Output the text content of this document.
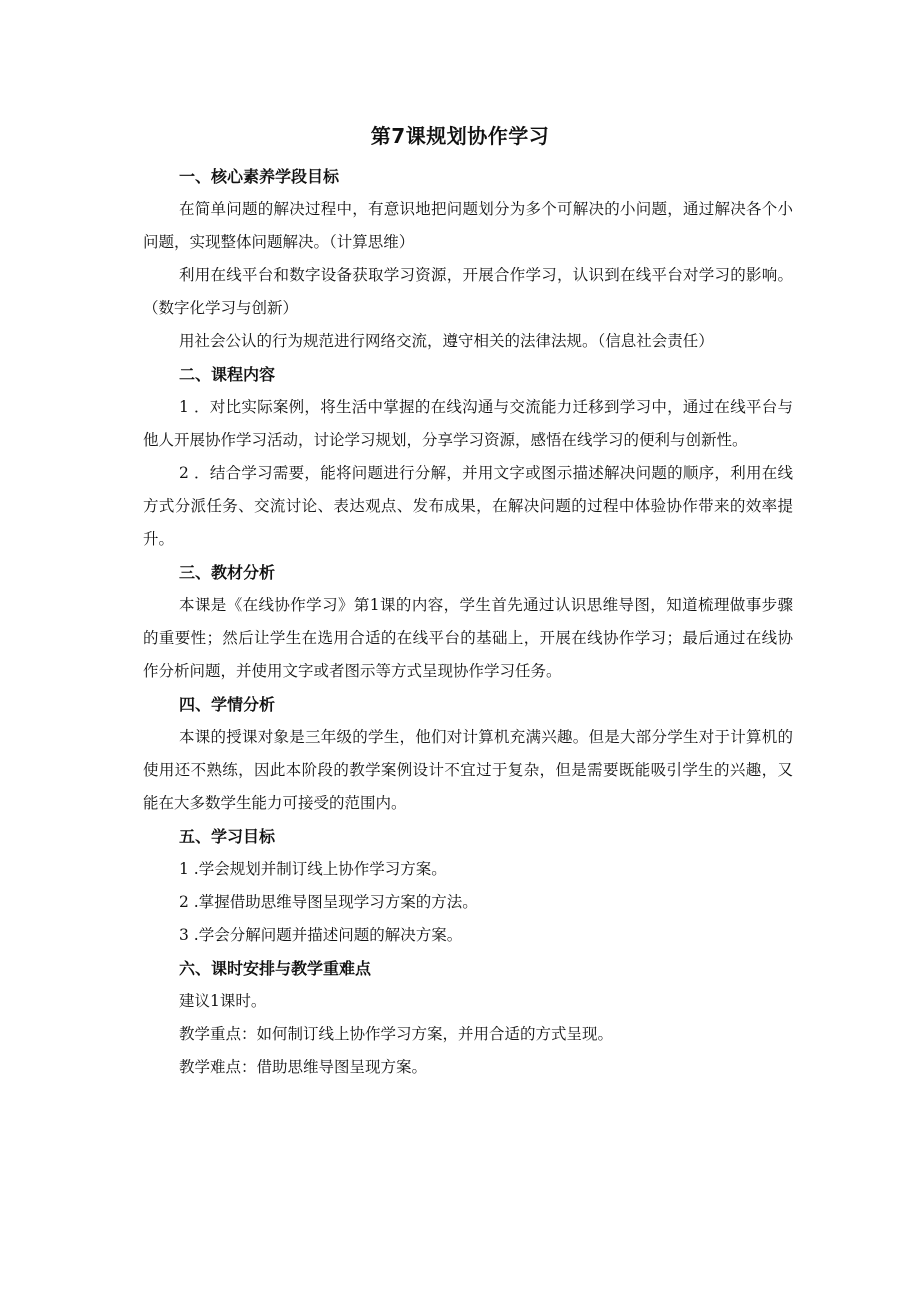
第7课规划协作学习
一、核心素养学段目标

在简单问题的解决过程中，有意识地把问题划分为多个可解决的小问题，通过解决各个小问题，实现整体问题解决。（计算思维）

利用在线平台和数字设备获取学习资源，开展合作学习，认识到在线平台对学习的影响。（数字化学习与创新）

用社会公认的行为规范进行网络交流，遵守相关的法律法规。（信息社会责任）

二、课程内容

1 ．对比实际案例，将生活中掌握的在线沟通与交流能力迁移到学习中，通过在线平台与他人开展协作学习活动，讨论学习规划，分享学习资源，感悟在线学习的便利与创新性。

2 ．结合学习需要，能将问题进行分解，并用文字或图示描述解决问题的顺序，利用在线方式分派任务、交流讨论、表达观点、发布成果，在解决问题的过程中体验协作带来的效率提升。

三、教材分析

本课是《在线协作学习》第1课的内容，学生首先通过认识思维导图，知道梳理做事步骤的重要性；然后让学生在选用合适的在线平台的基础上，开展在线协作学习；最后通过在线协作分析问题，并使用文字或者图示等方式呈现协作学习任务。

四、学情分析

本课的授课对象是三年级的学生，他们对计算机充满兴趣。但是大部分学生对于计算机的使用还不熟练，因此本阶段的教学案例设计不宜过于复杂，但是需要既能吸引学生的兴趣，又能在大多数学生能力可接受的范围内。

五、学习目标

1 .学会规划并制订线上协作学习方案。

2 .掌握借助思维导图呈现学习方案的方法。

3 .学会分解问题并描述问题的解决方案。

六、课时安排与教学重难点

建议1课时。

教学重点：如何制订线上协作学习方案，并用合适的方式呈现。

教学难点：借助思维导图呈现方案。
